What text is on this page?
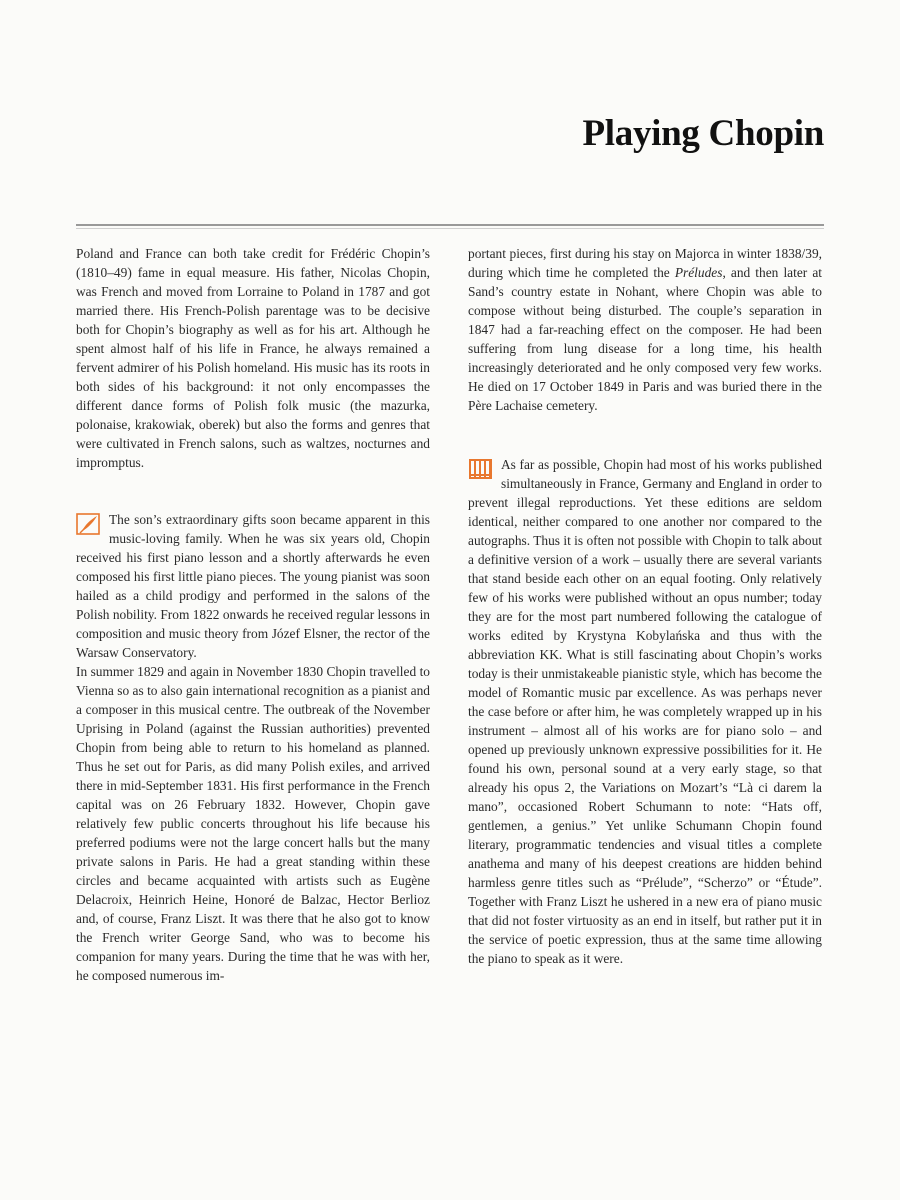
Playing Chopin

Poland and France can both take credit for Frédéric Chopin’s (1810–49) fame in equal measure. His father, Nicolas Chopin, was French and moved from Lorraine to Poland in 1787 and got married there. His French-Polish parentage was to be decisive both for Chopin’s biography as well as for his art. Although he spent almost half of his life in France, he always remained a fervent admirer of his Polish homeland. His music has its roots in both sides of his background: it not only encompasses the different dance forms of Polish folk music (the mazurka, polonaise, krakowiak, oberek) but also the forms and genres that were cultivated in French salons, such as waltzes, nocturnes and impromptus.

The son’s extraordinary gifts soon became apparent in this music-loving family. When he was six years old, Chopin received his first piano lesson and a shortly afterwards he even composed his first little piano pieces. The young pianist was soon hailed as a child prodigy and performed in the salons of the Polish nobility. From 1822 onwards he received regular lessons in composition and music theory from Józef Elsner, the rector of the Warsaw Conservatory.

In summer 1829 and again in November 1830 Chopin travelled to Vienna so as to also gain international recognition as a pianist and a composer in this musical centre. The outbreak of the November Uprising in Poland (against the Russian authorities) prevented Chopin from being able to return to his homeland as planned. Thus he set out for Paris, as did many Polish exiles, and arrived there in mid-September 1831. His first performance in the French capital was on 26 February 1832. However, Chopin gave relatively few public concerts throughout his life because his preferred podiums were not the large concert halls but the many private salons in Paris. He had a great standing within these circles and became acquainted with artists such as Eugène Delacroix, Heinrich Heine, Honoré de Balzac, Hector Berlioz and, of course, Franz Liszt. It was there that he also got to know the French writer George Sand, who was to become his companion for many years. During the time that he was with her, he composed numerous im-

portant pieces, first during his stay on Majorca in winter 1838/39, during which time he completed the Préludes, and then later at Sand’s country estate in Nohant, where Chopin was able to compose without being disturbed. The couple’s separation in 1847 had a far-reaching effect on the composer. He had been suffering from lung disease for a long time, his health increasingly deteriorated and he only composed very few works. He died on 17 October 1849 in Paris and was buried there in the Père Lachaise cemetery.

As far as possible, Chopin had most of his works published simultaneously in France, Germany and England in order to prevent illegal reproductions. Yet these editions are seldom identical, neither compared to one another nor compared to the autographs. Thus it is often not possible with Chopin to talk about a definitive version of a work – usually there are several variants that stand beside each other on an equal footing. Only relatively few of his works were published without an opus number; today they are for the most part numbered following the catalogue of works edited by Krystyna Kobylańska and thus with the abbreviation KK. What is still fascinating about Chopin’s works today is their unmistakeable pianistic style, which has become the model of Romantic music par excellence. As was perhaps never the case before or after him, he was completely wrapped up in his instrument – almost all of his works are for piano solo – and opened up previously unknown expressive possibilities for it. He found his own, personal sound at a very early stage, so that already his opus 2, the Variations on Mozart’s “Là ci darem la mano”, occasioned Robert Schumann to note: “Hats off, gentlemen, a genius.” Yet unlike Schumann Chopin found literary, programmatic tendencies and visual titles a complete anathema and many of his deepest creations are hidden behind harmless genre titles such as “Prélude”, “Scherzo” or “Étude”. Together with Franz Liszt he ushered in a new era of piano music that did not foster virtuosity as an end in itself, but rather put it in the service of poetic expression, thus at the same time allowing the piano to speak as it were.
